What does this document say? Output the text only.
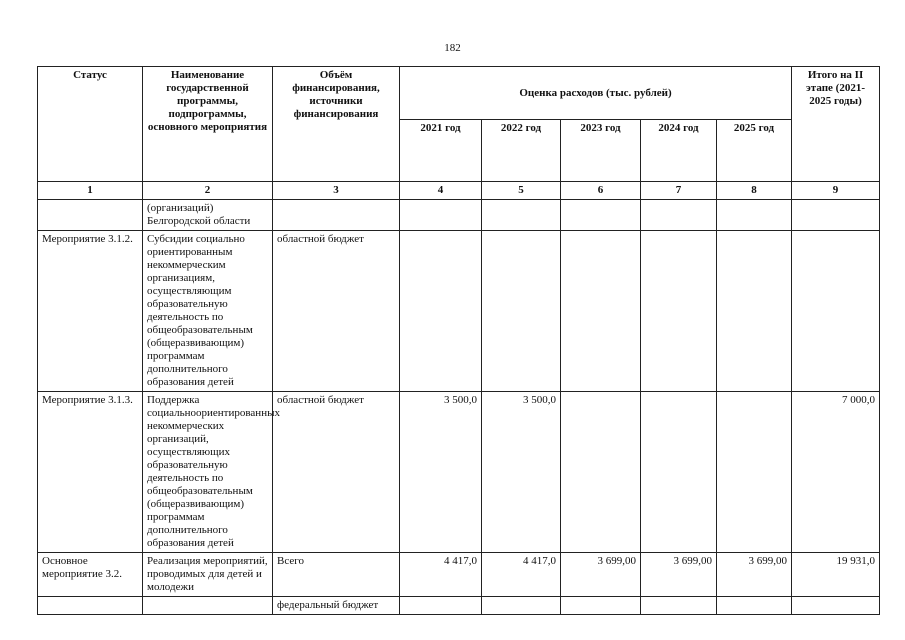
182
Статус	Наименование государственной программы, подпрограммы, основного мероприятия	Объём финансирования, источники финансирования	Оценка расходов (тыс. рублей)					Итого на II этапе (2021-2025 годы)
			2021 год	2022 год	2023 год	2024 год	2025 год	
1	2	3	4	5	6	7	8	9
	(организаций) Белгородской области							
Мероприятие 3.1.2.	Субсидии социально ориентированным некоммерческим организациям, осуществляющим образовательную деятельность по общеобразовательным (общеразвивающим) программам дополнительного образования детей	областной бюджет						
Мероприятие 3.1.3.	Поддержка социальноориентированных некоммерческих организаций, осуществляющих образовательную деятельность по общеобразовательным (общеразвивающим) программам дополнительного образования детей	областной бюджет	3 500,0	3 500,0				7 000,0
Основное мероприятие 3.2.	Реализация мероприятий, проводимых для детей и молодежи	Всего	4 417,0	4 417,0	3 699,00	3 699,00	3 699,00	19 931,0
		федеральный бюджет						
